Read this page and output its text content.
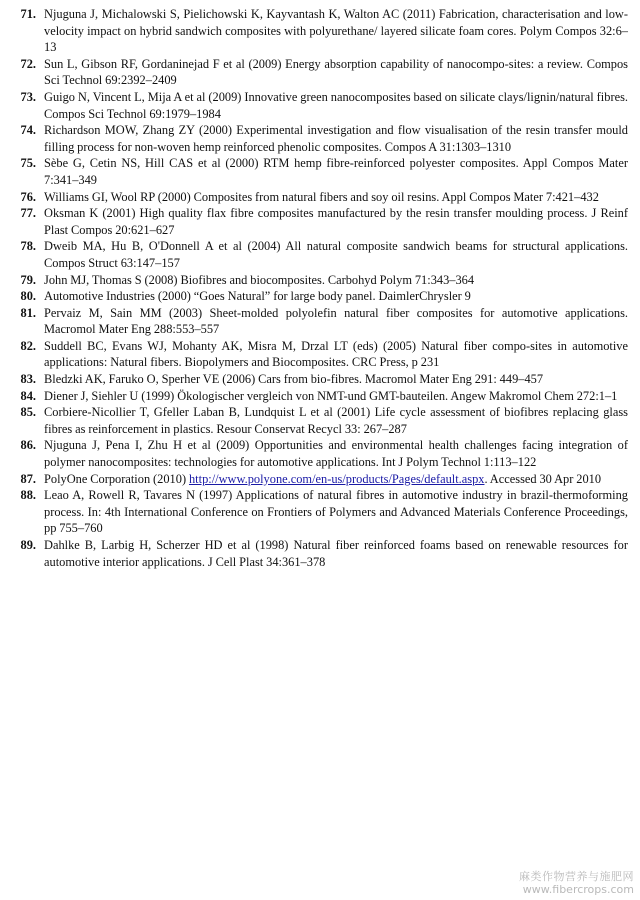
71. Njuguna J, Michalowski S, Pielichowski K, Kayvantash K, Walton AC (2011) Fabrication, characterisation and low-velocity impact on hybrid sandwich composites with polyurethane/ layered silicate foam cores. Polym Compos 32:6–13
72. Sun L, Gibson RF, Gordaninejad F et al (2009) Energy absorption capability of nanocompo-sites: a review. Compos Sci Technol 69:2392–2409
73. Guigo N, Vincent L, Mija A et al (2009) Innovative green nanocomposites based on silicate clays/lignin/natural fibres. Compos Sci Technol 69:1979–1984
74. Richardson MOW, Zhang ZY (2000) Experimental investigation and flow visualisation of the resin transfer mould filling process for non-woven hemp reinforced phenolic composites. Compos A 31:1303–1310
75. Sèbe G, Cetin NS, Hill CAS et al (2000) RTM hemp fibre-reinforced polyester composites. Appl Compos Mater 7:341–349
76. Williams GI, Wool RP (2000) Composites from natural fibers and soy oil resins. Appl Compos Mater 7:421–432
77. Oksman K (2001) High quality flax fibre composites manufactured by the resin transfer moulding process. J Reinf Plast Compos 20:621–627
78. Dweib MA, Hu B, O'Donnell A et al (2004) All natural composite sandwich beams for structural applications. Compos Struct 63:147–157
79. John MJ, Thomas S (2008) Biofibres and biocomposites. Carbohyd Polym 71:343–364
80. Automotive Industries (2000) “Goes Natural” for large body panel. DaimlerChrysler 9
81. Pervaiz M, Sain MM (2003) Sheet-molded polyolefin natural fiber composites for automotive applications. Macromol Mater Eng 288:553–557
82. Suddell BC, Evans WJ, Mohanty AK, Misra M, Drzal LT (eds) (2005) Natural fiber compo-sites in automotive applications: Natural fibers. Biopolymers and Biocomposites. CRC Press, p 231
83. Bledzki AK, Faruko O, Sperher VE (2006) Cars from bio-fibres. Macromol Mater Eng 291: 449–457
84. Diener J, Siehler U (1999) Ökologischer vergleich von NMT-und GMT-bauteilen. Angew Makromol Chem 272:1–1
85. Corbiere-Nicollier T, Gfeller Laban B, Lundquist L et al (2001) Life cycle assessment of biofibres replacing glass fibres as reinforcement in plastics. Resour Conservat Recycl 33: 267–287
86. Njuguna J, Pena I, Zhu H et al (2009) Opportunities and environmental health challenges facing integration of polymer nanocomposites: technologies for automotive applications. Int J Polym Technol 1:113–122
87. PolyOne Corporation (2010) http://www.polyone.com/en-us/products/Pages/default.aspx. Accessed 30 Apr 2010
88. Leao A, Rowell R, Tavares N (1997) Applications of natural fibres in automotive industry in brazil-thermoforming process. In: 4th International Conference on Frontiers of Polymers and Advanced Materials Conference Proceedings, pp 755–760
89. Dahlke B, Larbig H, Scherzer HD et al (1998) Natural fiber reinforced foams based on renewable resources for automotive interior applications. J Cell Plast 34:361–378
麻类作物营养与施肥网
www.fibercrops.com
